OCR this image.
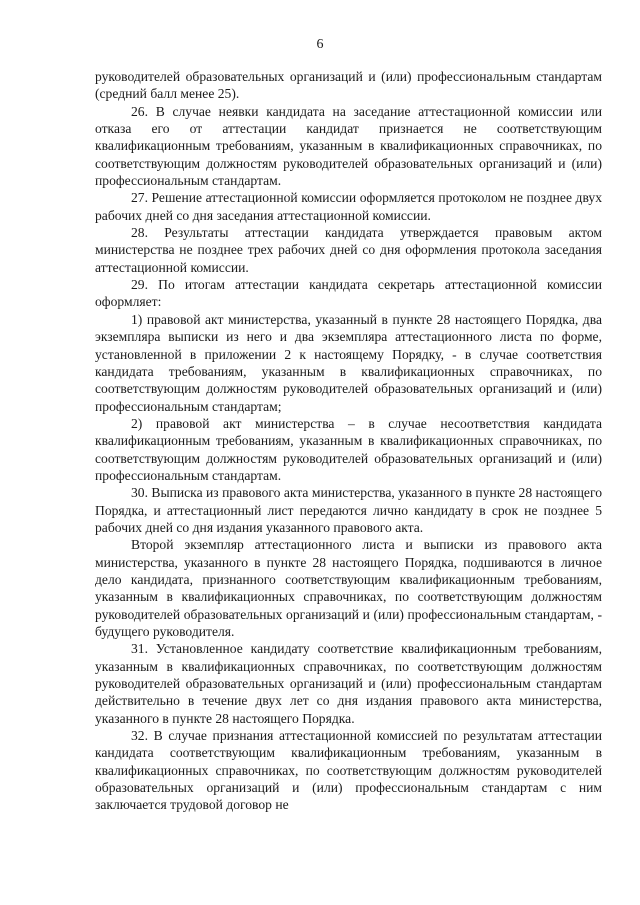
6

руководителей образовательных организаций и (или) профессиональным стандартам (средний балл менее 25).

26. В случае неявки кандидата на заседание аттестационной комиссии или отказа его от аттестации кандидат признается не соответствующим квалификационным требованиям, указанным в квалификационных справочниках, по соответствующим должностям руководителей образовательных организаций и (или) профессиональным стандартам.

27. Решение аттестационной комиссии оформляется протоколом не позднее двух рабочих дней со дня заседания аттестационной комиссии.

28. Результаты аттестации кандидата утверждается правовым актом министерства не позднее трех рабочих дней со дня оформления протокола заседания аттестационной комиссии.

29. По итогам аттестации кандидата секретарь аттестационной комиссии оформляет:

1) правовой акт министерства, указанный в пункте 28 настоящего Порядка, два экземпляра выписки из него и два экземпляра аттестационного листа по форме, установленной в приложении 2 к настоящему Порядку, - в случае соответствия кандидата требованиям, указанным в квалификационных справочниках, по соответствующим должностям руководителей образовательных организаций и (или) профессиональным стандартам;

2) правовой акт министерства – в случае несоответствия кандидата квалификационным требованиям, указанным в квалификационных справочниках, по соответствующим должностям руководителей образовательных организаций и (или) профессиональным стандартам.

30. Выписка из правового акта министерства, указанного в пункте 28 настоящего Порядка, и аттестационный лист передаются лично кандидату в срок не позднее 5 рабочих дней со дня издания указанного правового акта.

Второй экземпляр аттестационного листа и выписки из правового акта министерства, указанного в пункте 28 настоящего Порядка, подшиваются в личное дело кандидата, признанного соответствующим квалификационным требованиям, указанным в квалификационных справочниках, по соответствующим должностям руководителей образовательных организаций и (или) профессиональным стандартам, - будущего руководителя.

31. Установленное кандидату соответствие квалификационным требованиям, указанным в квалификационных справочниках, по соответствующим должностям руководителей образовательных организаций и (или) профессиональным стандартам действительно в течение двух лет со дня издания правового акта министерства, указанного в пункте 28 настоящего Порядка.

32. В случае признания аттестационной комиссией по результатам аттестации кандидата соответствующим квалификационным требованиям, указанным в квалификационных справочниках, по соответствующим должностям руководителей образовательных организаций и (или) профессиональным стандартам с ним заключается трудовой договор не
